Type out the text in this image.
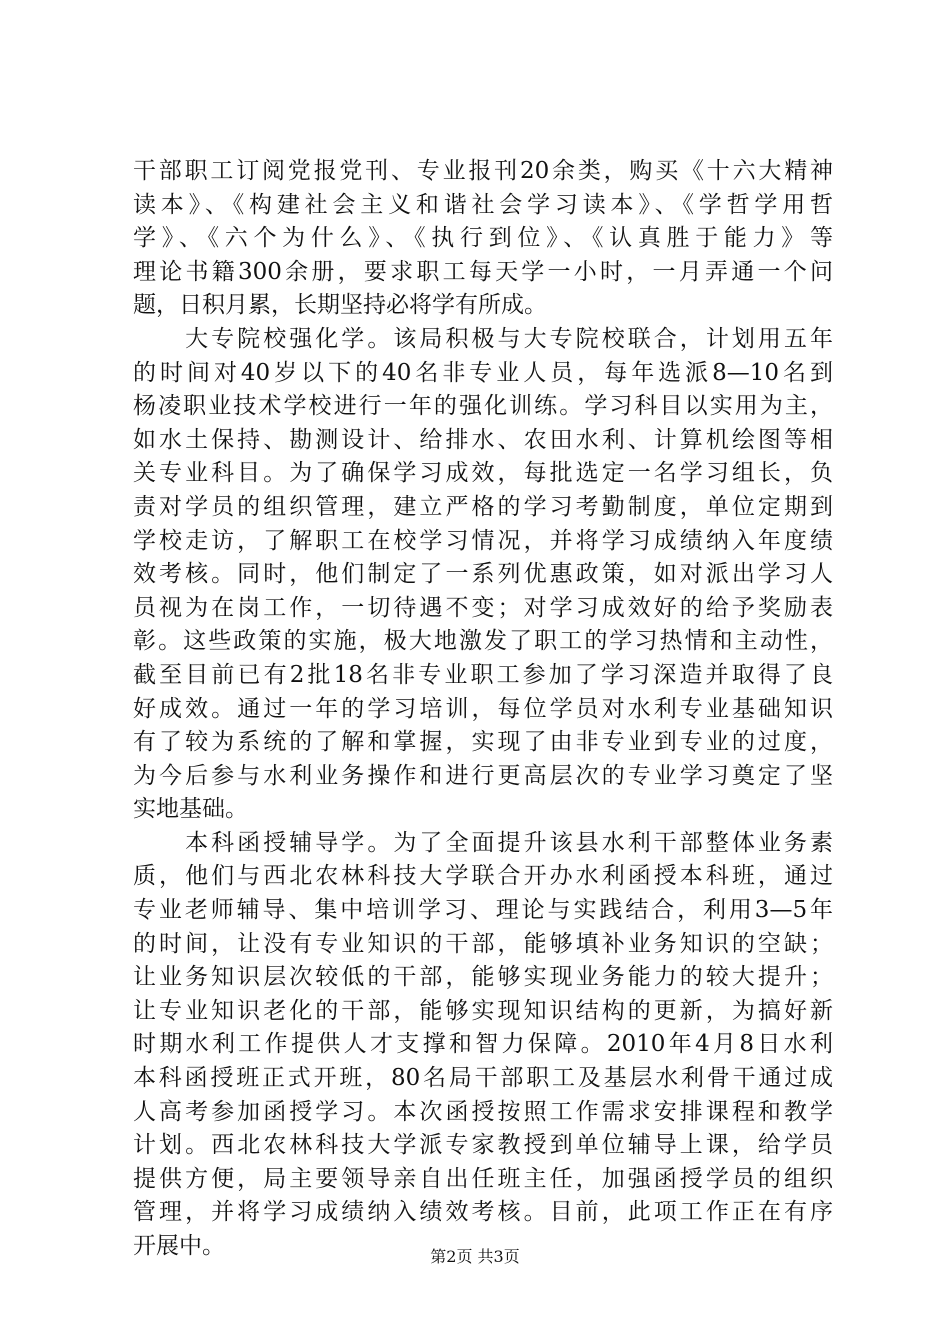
干部职工订阅党报党刊、专业报刊20余类，购买《十六大精神
读本》、《构建社会主义和谐社会学习读本》、《学哲学用哲
学》、《六个为什么》、《执行到位》、《认真胜于能力》等
理论书籍300余册，要求职工每天学一小时，一月弄通一个问
题，日积月累，长期坚持必将学有所成。
　　大专院校强化学。该局积极与大专院校联合，计划用五年
的时间对40岁以下的40名非专业人员，每年选派8—10名到
杨凌职业技术学校进行一年的强化训练。学习科目以实用为主，
如水土保持、勘测设计、给排水、农田水利、计算机绘图等相
关专业科目。为了确保学习成效，每批选定一名学习组长，负
责对学员的组织管理，建立严格的学习考勤制度，单位定期到
学校走访，了解职工在校学习情况，并将学习成绩纳入年度绩
效考核。同时，他们制定了一系列优惠政策，如对派出学习人
员视为在岗工作，一切待遇不变；对学习成效好的给予奖励表
彰。这些政策的实施，极大地激发了职工的学习热情和主动性，
截至目前已有2批18名非专业职工参加了学习深造并取得了良
好成效。通过一年的学习培训，每位学员对水利专业基础知识
有了较为系统的了解和掌握，实现了由非专业到专业的过度，
为今后参与水利业务操作和进行更高层次的专业学习奠定了坚
实地基础。
　　本科函授辅导学。为了全面提升该县水利干部整体业务素
质，他们与西北农林科技大学联合开办水利函授本科班，通过
专业老师辅导、集中培训学习、理论与实践结合，利用3—5年
的时间，让没有专业知识的干部，能够填补业务知识的空缺；
让业务知识层次较低的干部，能够实现业务能力的较大提升；
让专业知识老化的干部，能够实现知识结构的更新，为搞好新
时期水利工作提供人才支撑和智力保障。2010年4月8日水利
本科函授班正式开班，80名局干部职工及基层水利骨干通过成
人高考参加函授学习。本次函授按照工作需求安排课程和教学
计划。西北农林科技大学派专家教授到单位辅导上课，给学员
提供方便，局主要领导亲自出任班主任，加强函授学员的组织
管理，并将学习成绩纳入绩效考核。目前，此项工作正在有序
开展中。	第2页 共3页
